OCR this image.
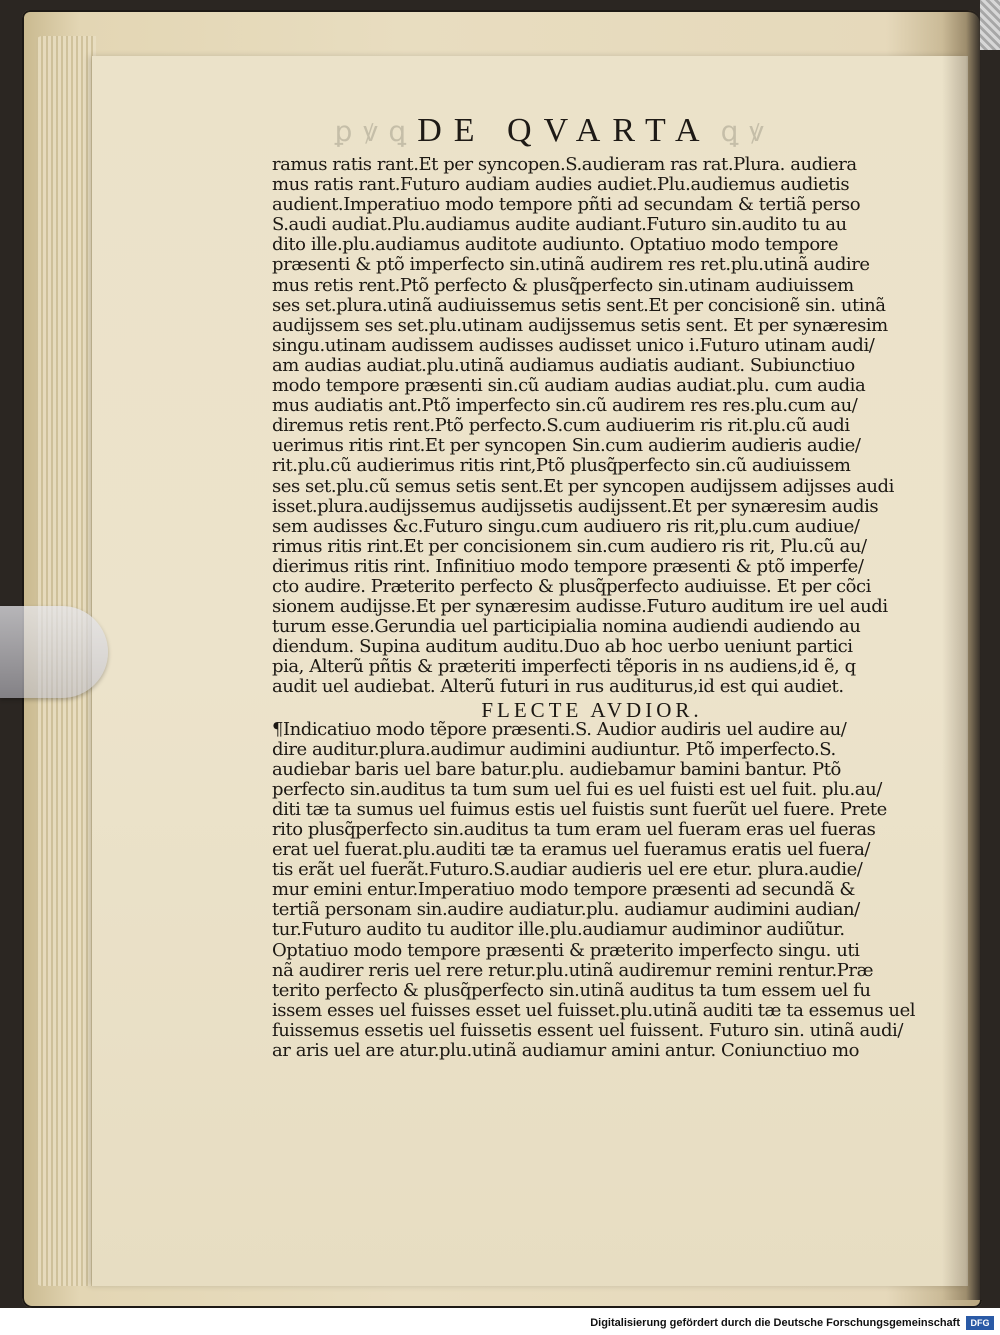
ꝑ ꝟ ꝗ DE QVARTA ꝗ ꝟ
ramus ratis rant.Et per syncopen.S.audieram ras rat.Plura. audiera
mus ratis rant.Futuro audiam audies audiet.Plu.audiemus audietis
audient.Imperatiuo modo tempore pñti ad secundam & tertiã perso
S.audi audiat.Plu.audiamus audite audiant.Futuro sin.audito tu au
dito ille.plu.audiamus auditote audiunto. Optatiuo modo tempore
præsenti & ptõ imperfecto sin.utinã audirem res ret.plu.utinã audire
mus retis rent.Ptõ perfecto & plusq̃perfecto sin.utinam audiuissem
ses set.plura.utinã audiuissemus setis sent.Et per concisionẽ sin. utinã
audijssem ses set.plu.utinam audijssemus setis sent. Et per synæresim
singu.utinam audissem audisses audisset unico i.Futuro utinam audi/
am audias audiat.plu.utinã audiamus audiatis audiant. Subiunctiuo
modo tempore præsenti sin.cũ audiam audias audiat.plu. cum audia
mus audiatis ant.Ptõ imperfecto sin.cũ audirem res res.plu.cum au/
diremus retis rent.Ptõ perfecto.S.cum audiuerim ris rit.plu.cũ audi
uerimus ritis rint.Et per syncopen Sin.cum audierim audieris audie/
rit.plu.cũ audierimus ritis rint,Ptõ plusq̃perfecto sin.cũ audiuissem
ses set.plu.cũ semus setis sent.Et per syncopen audijssem adijsses audi
isset.plura.audijssemus audijssetis audijssent.Et per synæresim audis
sem audisses &c.Futuro singu.cum audiuero ris rit,plu.cum audiue/
rimus ritis rint.Et per concisionem sin.cum audiero ris rit, Plu.cũ au/
dierimus ritis rint. Infinitiuo modo tempore præsenti & ptõ imperfe/
cto audire. Præterito perfecto & plusq̃perfecto audiuisse. Et per cõci
sionem audijsse.Et per synæresim audisse.Futuro auditum ire uel audi
turum esse.Gerundia uel participialia nomina audiendi audiendo au
diendum. Supina auditum auditu.Duo ab hoc uerbo ueniunt partici
pia, Alterũ pñtis & præteriti imperfecti tẽporis in ns audiens,id ẽ, q
audit uel audiebat. Alterũ futuri in rus auditurus,id est qui audiet.
FLECTE AVDIOR.
¶Indicatiuo modo tẽpore præsenti.S. Audior audiris uel audire au/
dire auditur.plura.audimur audimini audiuntur. Ptõ imperfecto.S.
audiebar baris uel bare batur.plu. audiebamur bamini bantur. Ptõ
perfecto sin.auditus ta tum sum uel fui es uel fuisti est uel fuit. plu.au/
diti tæ ta sumus uel fuimus estis uel fuistis sunt fuerũt uel fuere. Prete
rito plusq̃perfecto sin.auditus ta tum eram uel fueram eras uel fueras
erat uel fuerat.plu.auditi tæ ta eramus uel fueramus eratis uel fuera/
tis erãt uel fuerãt.Futuro.S.audiar audieris uel ere etur. plura.audie/
mur emini entur.Imperatiuo modo tempore præsenti ad secundã &
tertiã personam sin.audire audiatur.plu. audiamur audimini audian/
tur.Futuro audito tu auditor ille.plu.audiamur audiminor audiũtur.
Optatiuo modo tempore præsenti & præterito imperfecto singu. uti
nã audirer reris uel rere retur.plu.utinã audiremur remini rentur.Præ
terito perfecto & plusq̃perfecto sin.utinã auditus ta tum essem uel fu
issem esses uel fuisses esset uel fuisset.plu.utinã auditi tæ ta essemus uel
fuissemus essetis uel fuissetis essent uel fuissent. Futuro sin. utinã audi/
ar aris uel are atur.plu.utinã audiamur amini antur. Coniunctiuo mo
Digitalisierung gefördert durch die Deutsche Forschungsgemeinschaft	DFG
